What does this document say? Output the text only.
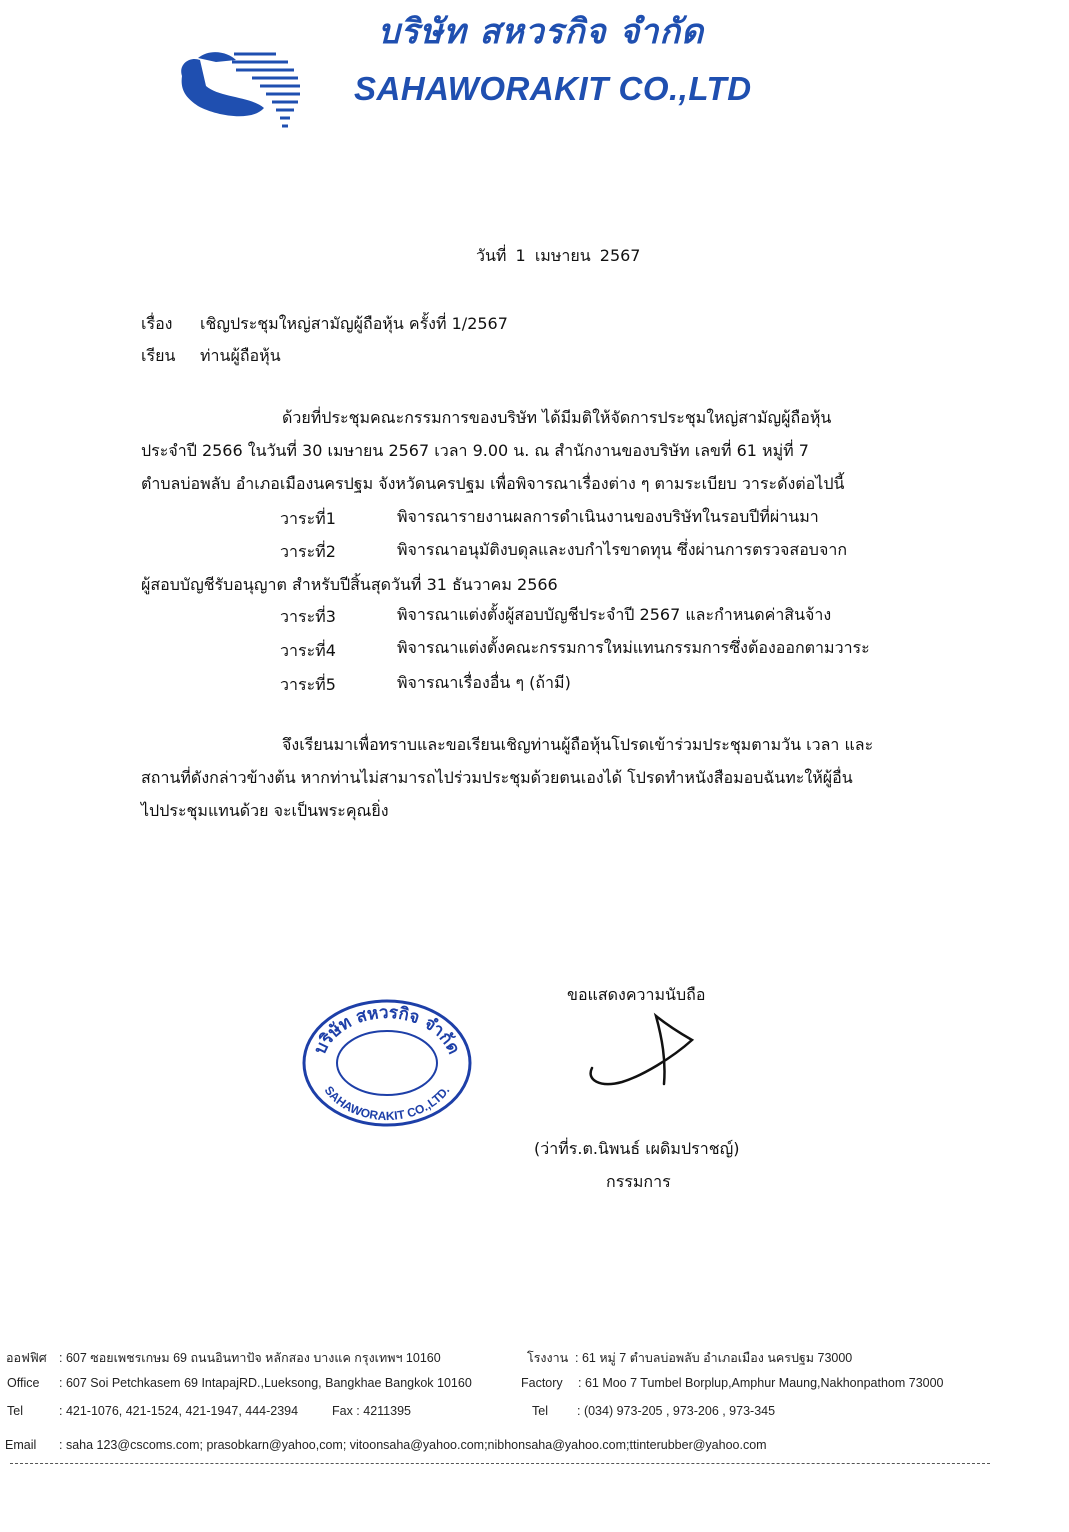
บริษัท สหวรกิจ จำกัด
SAHAWORAKIT CO.,LTD
วันที่ 1 เมษายน 2567
เรื่อง เชิญประชุมใหญ่สามัญผู้ถือหุ้น ครั้งที่ 1/2567
เรียน ท่านผู้ถือหุ้น
ด้วยที่ประชุมคณะกรรมการของบริษัท ได้มีมติให้จัดการประชุมใหญ่สามัญผู้ถือหุ้น
ประจำปี 2566 ในวันที่ 30 เมษายน 2567 เวลา 9.00 น. ณ สำนักงานของบริษัท เลขที่ 61 หมู่ที่ 7
ตำบลบ่อพลับ อำเภอเมืองนครปฐม จังหวัดนครปฐม เพื่อพิจารณาเรื่องต่าง ๆ ตามระเบียบ วาระดังต่อไปนี้
วาระที่1	พิจารณารายงานผลการดำเนินงานของบริษัทในรอบปีที่ผ่านมา
วาระที่2	พิจารณาอนุมัติงบดุลและงบกำไรขาดทุน ซึ่งผ่านการตรวจสอบจาก
ผู้สอบบัญชีรับอนุญาต สำหรับปีสิ้นสุดวันที่ 31 ธันวาคม 2566
วาระที่3	พิจารณาแต่งตั้งผู้สอบบัญชีประจำปี 2567 และกำหนดค่าสินจ้าง
วาระที่4	พิจารณาแต่งตั้งคณะกรรมการใหม่แทนกรรมการซึ่งต้องออกตามวาระ
วาระที่5	พิจารณาเรื่องอื่น ๆ (ถ้ามี)
จึงเรียนมาเพื่อทราบและขอเรียนเชิญท่านผู้ถือหุ้นโปรดเข้าร่วมประชุมตามวัน เวลา และ
สถานที่ดังกล่าวข้างต้น หากท่านไม่สามารถไปร่วมประชุมด้วยตนเองได้ โปรดทำหนังสือมอบฉันทะให้ผู้อื่น
ไปประชุมแทนด้วย จะเป็นพระคุณยิ่ง
ขอแสดงความนับถือ
บริษัท สหวรกิจ จำกัด
SAHAWORAKIT CO.,LTD.
(ว่าที่ร.ต.นิพนธ์ เผดิมปราชญ์)
กรรมการ
ออฟฟิศ : 607 ซอยเพชรเกษม 69 ถนนอินทาปัจ หลักสอง บางแค กรุงเทพฯ 10160	โรงงาน : 61 หมู่ 7 ตำบลบ่อพลับ อำเภอเมือง นครปฐม 73000
Office : 607 Soi Petchkasem 69 IntapajRD.,Lueksong, Bangkhae Bangkok 10160	Factory : 61 Moo 7 Tumbel Borplup,Amphur Maung,Nakhonpathom 73000
Tel	: 421-1076, 421-1524, 421-1947, 444-2394	Fax : 4211395	Tel : (034) 973-205 , 973-206 , 973-345
Email : saha 123@cscoms.com; prasobkarn@yahoo,com; vitoonsaha@yahoo.com;nibhonsaha@yahoo.com;ttinterubber@yahoo.com
